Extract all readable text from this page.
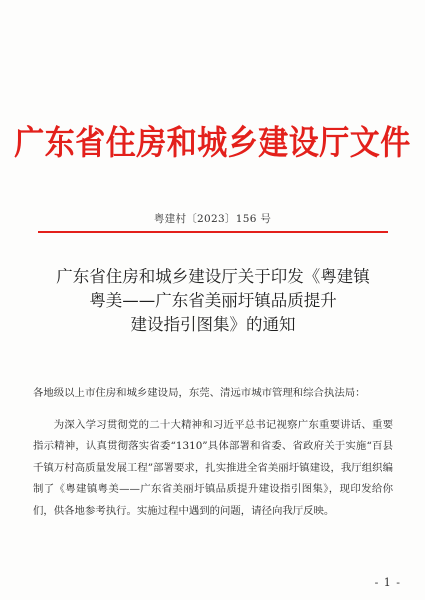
广东省住房和城乡建设厅文件
粤建村〔2023〕156 号
广东省住房和城乡建设厅关于印发《粤建镇
粤美——广东省美丽圩镇品质提升
建设指引图集》的通知

各地级以上市住房和城乡建设局，东莞、清远市城市管理和综合执法局：

为深入学习贯彻党的二十大精神和习近平总书记视察广东重要讲话、重要指示精神，认真贯彻落实省委“1310”具体部署和省委、省政府关于实施“百县千镇万村高质量发展工程”部署要求，扎实推进全省美丽圩镇建设，我厅组织编制了《粤建镇粤美——广东省美丽圩镇品质提升建设指引图集》，现印发给你们，供各地参考执行。实施过程中遇到的问题，请径向我厅反映。

- 1 -
